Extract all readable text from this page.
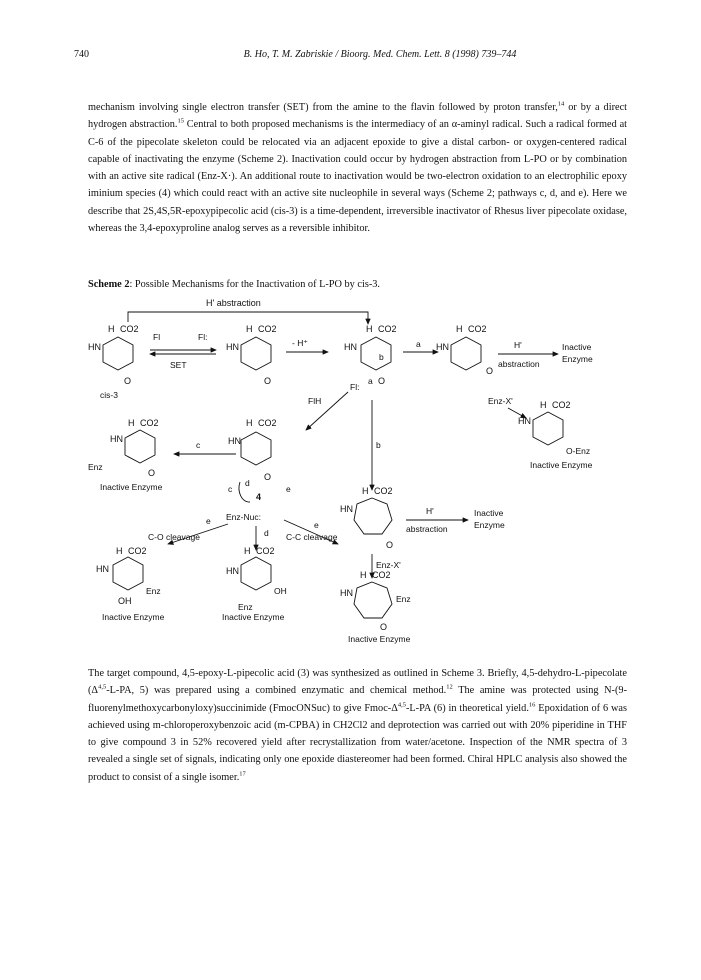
740	B. Ho, T. M. Zabriskie / Bioorg. Med. Chem. Lett. 8 (1998) 739–744

mechanism involving single electron transfer (SET) from the amine to the flavin followed by proton transfer,$^{14}$ or by a direct hydrogen abstraction.$^{15}$ Central to both proposed mechanisms is the intermediacy of an α-aminyl radical. Such a radical formed at C-6 of the pipecolate skeleton could be relocated via an adjacent epoxide to give a distal carbon- or oxygen-centered radical capable of inactivating the enzyme (Scheme 2). Inactivation could occur by hydrogen abstraction from L-PO or by combination with an active site radical (Enz-X·). An additional route to inactivation would be two-electron oxidation to an electrophilic epoxy iminium species (4) which could react with an active site nucleophile in several ways (Scheme 2; pathways c, d, and e). Here we describe that 2S,4S,5R-epoxypipecolic acid (cis-3) is a time-dependent, irreversible inactivator of Rhesus liver pipecolate oxidase, whereas the 3,4-epoxyproline analog serves as a reversible inhibitor.

Scheme 2: Possible Mechanisms for the Inactivation of L-PO by cis-3.
H' abstraction
H CO2
HN
O
cis-3
Fl	Fl:
SET
H CO2
HN
O
- H⁺
H CO2
HN
O
b
a
Fl:
a
H CO2
HN
O
H'
abstraction
Inactive
Enzyme
Enz-X'	H CO2
HN
O-Enz
Inactive Enzyme
FlH
b
H CO2
HN
Enz
O
Inactive Enzyme
c
H CO2
HN
O
4
c
d
e
Enz-Nuc:
e	e
C-O cleavage	d C-C cleavage
H CO2
HN
O
H'
abstraction
Inactive
Enzyme
Enz-X'
H CO2
HN
Enz
OH
Inactive Enzyme
H CO2
HN
OH
Enz
Inactive Enzyme
H CO2
HN
Enz
O
Inactive Enzyme

The target compound, 4,5-epoxy-L-pipecolic acid (3) was synthesized as outlined in Scheme 3. Briefly, 4,5-dehydro-L-pipecolate ($\Delta^{4,5}-L-PA$, 5) was prepared using a combined enzymatic and chemical method.$^{12}$ The amine was protected using N-(9-fluorenylmethoxycarbonyloxy)succinimide (FmocONSuc) to give Fmoc-$\Delta^{4,5}-L-PA$ (6) in theoretical yield.$^{16}$ Epoxidation of 6 was achieved using m-chloroperoxybenzoic acid (m-CPBA) in CH2Cl2 and deprotection was carried out with 20% piperidine in THF to give compound 3 in 52% recovered yield after recrystallization from water/acetone. Inspection of the NMR spectra of 3 revealed a single set of signals, indicating only one epoxide diastereomer had been formed. Chiral HPLC analysis also showed the product to consist of a single isomer.$^{17}$
